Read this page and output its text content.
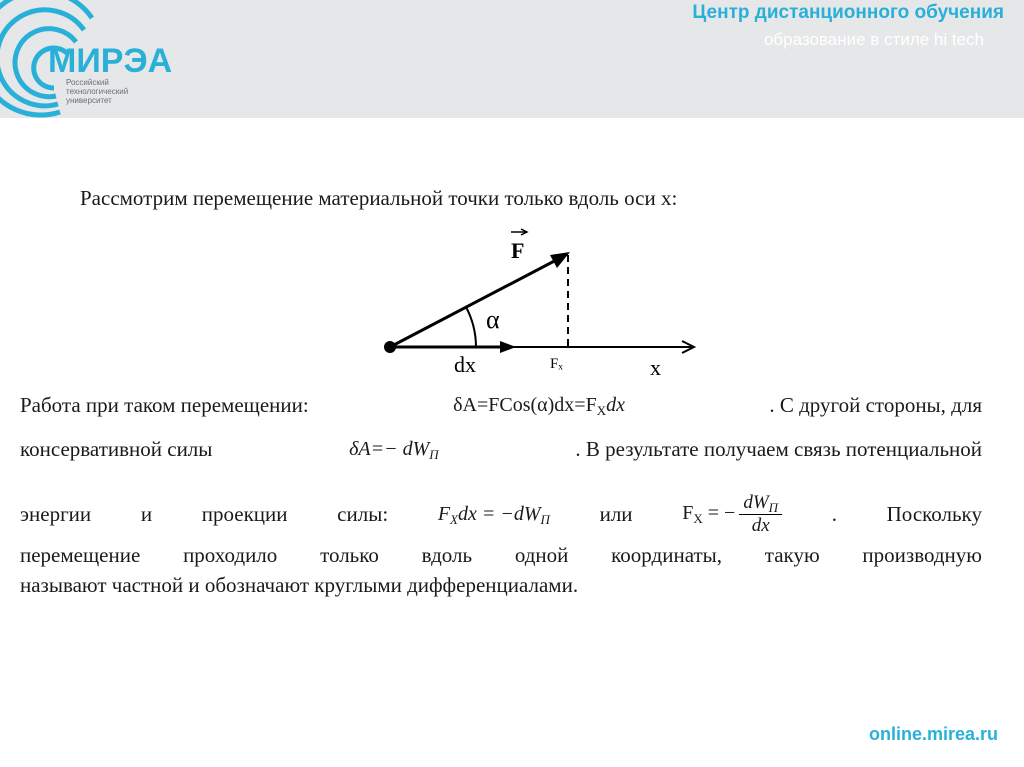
МИРЭА
Российский
технологический
университет
Центр дистанционного обучения
образование в стиле hi tech
Рассмотрим перемещение материальной точки только вдоль оси x:
F
α
dx	Fₓ	x
Работа при таком перемещении:	$\delta A=FCos(\alpha)dx=F_Xdx$	. С другой стороны, для
консервативной силы	$\delta A=- dW_П$	. В результате получаем связь потенциальной
энергии и проекции силы: $F_Xdx = -dW_П$ или $F_X$ = − $\frac{dW_П}{dx}$ . Поскольку
перемещение проходило только вдоль одной координаты, такую производную
называют частной и обозначают круглыми дифференциалами.
online.mirea.ru
